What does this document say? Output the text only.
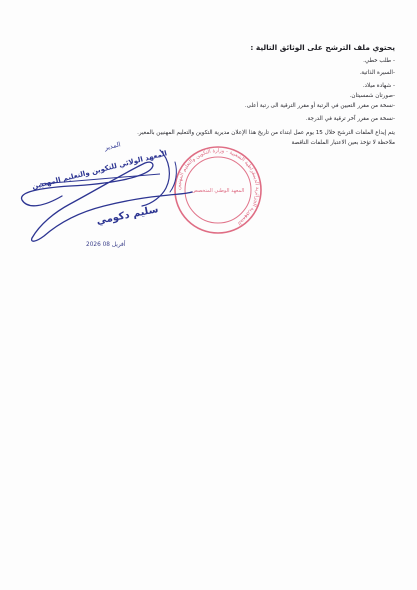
يحتوي ملف الترشح على الوثائق التالية :
- طلب خطي.
-السيرة الذاتية.
- شهادة ميلاد.
-صورتان شمسيتان.
-نسخة من مقرر التعيين في الرتبة أو مقرر الترقية الى رتبة أعلى.
-نسخة من مقرر آخر ترقية في الدرجة.
يتم إيداع الملفات الترشح خلال 15 يوم عمل ابتداء من تاريخ هذا الإعلان مديرية التكوين والتعليم المهنيين بالمغير.
ملاحظة لا تؤخذ بعين الاعتبار الملفات الناقصة
الجمهورية الجزائرية الديمقراطية الشعبية - وزارة التكوين والتعليم المهنيين
المعهد الوطني المتخصص
المدير
المعهد الولائي للتكوين والتعليم المهنيين
سليم دكومي
2026 أفريل 08
